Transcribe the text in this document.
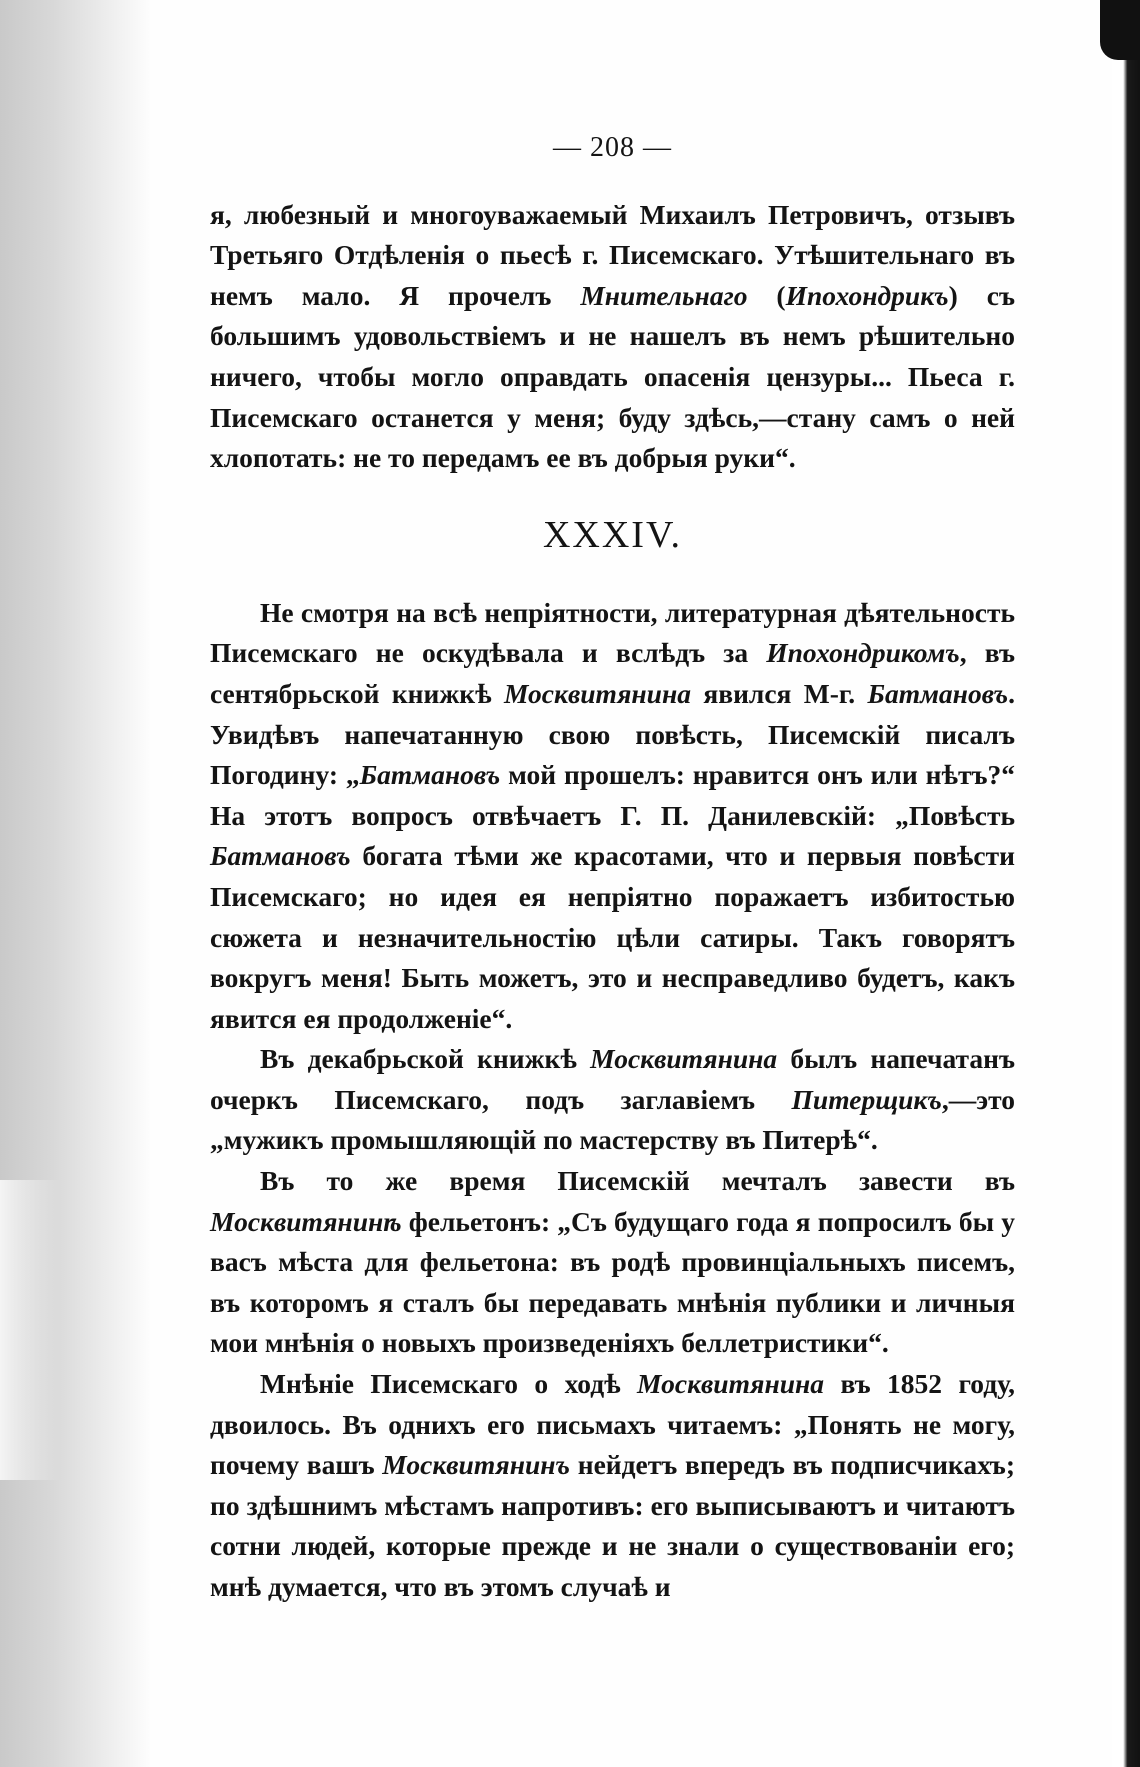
— 208 —

я, любезный и многоуважаемый Михаилъ Петровичъ, отзывъ Третьяго Отдѣленія о пьесѣ г. Писемскаго. Утѣшительнаго въ немъ мало. Я прочелъ Мнительнаго (Ипохондрикъ) съ большимъ удовольствіемъ и не нашелъ въ немъ рѣшительно ничего, чтобы могло оправдать опасенія цензуры... Пьеса г. Писемскаго останется у меня; буду здѣсь,—стану самъ о ней хлопотать: не то передамъ ее въ добрыя руки“.

XXXIV.

Не смотря на всѣ непріятности, литературная дѣятельность Писемскаго не оскудѣвала и вслѣдъ за Ипохондрикомъ, въ сентябрьской книжкѣ Москвитянина явился М-г. Батмановъ. Увидѣвъ напечатанную свою повѣсть, Писемскій писалъ Погодину: „Батмановъ мой прошелъ: нравится онъ или нѣтъ?“ На этотъ вопросъ отвѣчаетъ Г. П. Данилевскій: „Повѣсть Батмановъ богата тѣми же красотами, что и первыя повѣсти Писемскаго; но идея ея непріятно поражаетъ избитостью сюжета и незначительностію цѣли сатиры. Такъ говорятъ вокругъ меня! Быть можетъ, это и несправедливо будетъ, какъ явится ея продолженіе“.

Въ декабрьской книжкѣ Москвитянина былъ напечатанъ очеркъ Писемскаго, подъ заглавіемъ Питерщикъ,—это „мужикъ промышляющій по мастерству въ Питерѣ“.

Въ то же время Писемскій мечталъ завести въ Москвитянинѣ фельетонъ: „Съ будущаго года я попросилъ бы у васъ мѣста для фельетона: въ родѣ провинціальныхъ писемъ, въ которомъ я сталъ бы передавать мнѣнія публики и личныя мои мнѣнія о новыхъ произведеніяхъ беллетристики“.

Мнѣніе Писемскаго о ходѣ Москвитянина въ 1852 году, двоилось. Въ однихъ его письмахъ читаемъ: „Понять не могу, почему вашъ Москвитянинъ нейдетъ впередъ въ подписчикахъ; по здѣшнимъ мѣстамъ напротивъ: его выписываютъ и читаютъ сотни людей, которые прежде и не знали о существованіи его; мнѣ думается, что въ этомъ случаѣ и
